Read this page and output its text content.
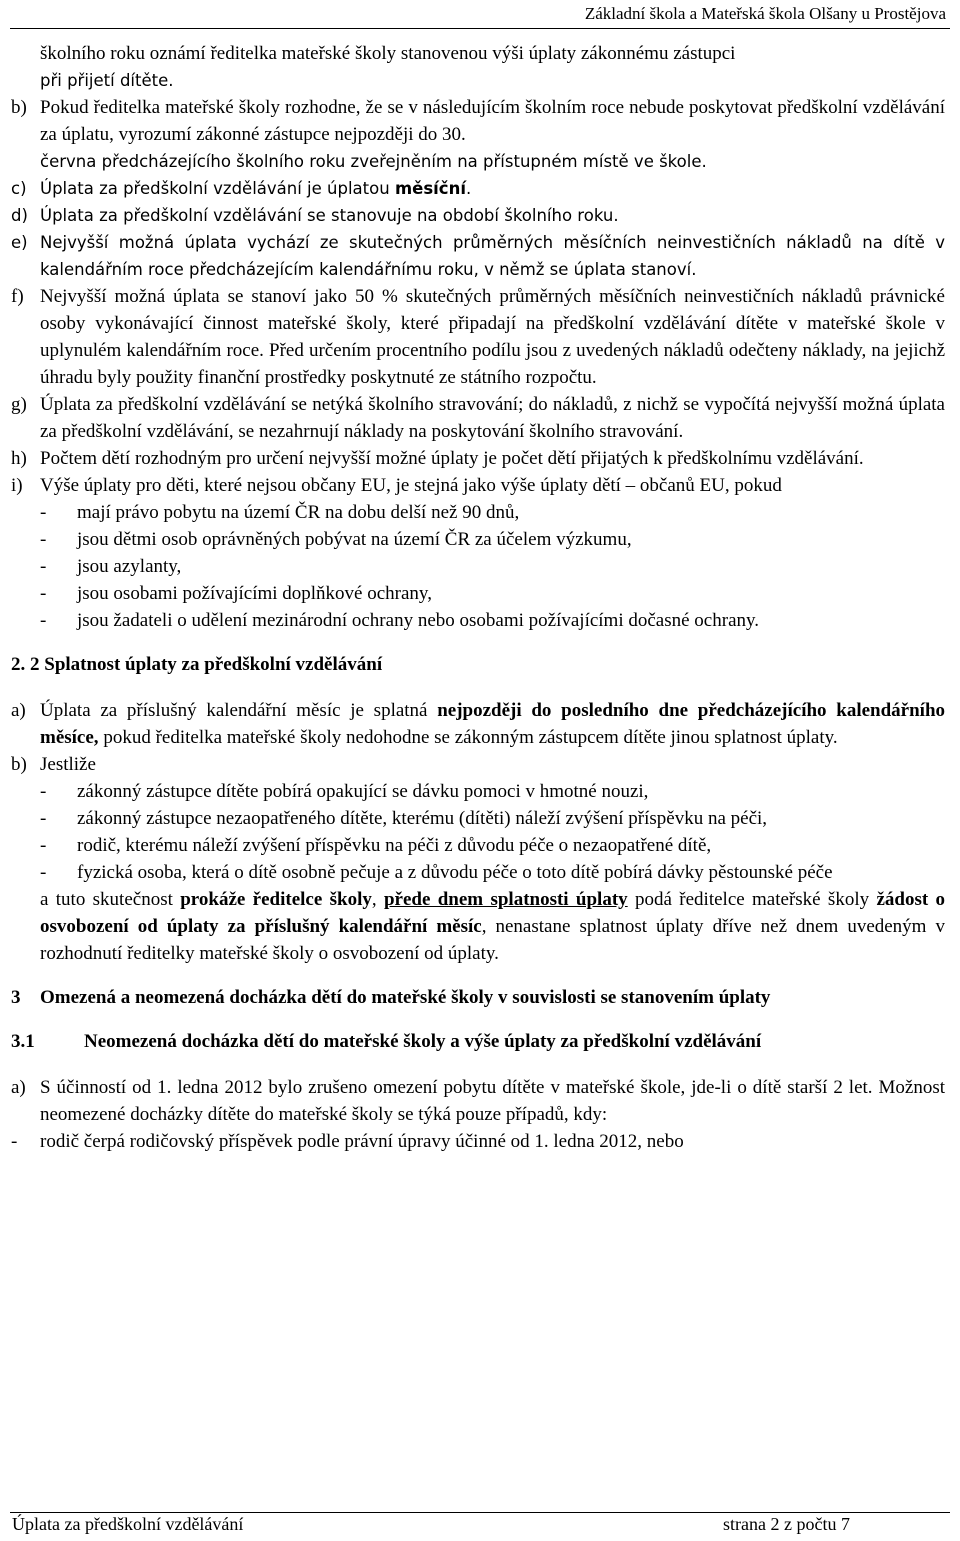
Základní škola a Mateřská škola Olšany u Prostějova
školního roku oznámí ředitelka mateřské školy stanovenou výši úplaty zákonnému zástupci
při přijetí dítěte.
b) Pokud ředitelka mateřské školy rozhodne, že se v následujícím školním roce nebude poskytovat předškolní vzdělávání za úplatu, vyrozumí zákonné zástupce nejpozději do 30.
června předcházejícího školního roku zveřejněním na přístupném místě ve škole.
c) Úplata za předškolní vzdělávání je úplatou měsíční.
d) Úplata za předškolní vzdělávání se stanovuje na období školního roku.
e) Nejvyšší možná úplata vychází ze skutečných průměrných měsíčních neinvestičních nákladů na dítě v kalendářním roce předcházejícím kalendářnímu roku, v němž se úplata stanoví.
f) Nejvyšší možná úplata se stanoví jako 50 % skutečných průměrných měsíčních neinvestičních nákladů právnické osoby vykonávající činnost mateřské školy, které připadají na předškolní vzdělávání dítěte v mateřské škole v uplynulém kalendářním roce. Před určením procentního podílu jsou z uvedených nákladů odečteny náklady, na jejichž úhradu byly použity finanční prostředky poskytnuté ze státního rozpočtu.
g) Úplata za předškolní vzdělávání se netýká školního stravování; do nákladů, z nichž se vypočítá nejvyšší možná úplata za předškolní vzdělávání, se nezahrnují náklady na poskytování školního stravování.
h) Počtem dětí rozhodným pro určení nejvyšší možné úplaty je počet dětí přijatých k předškolnímu vzdělávání.
i) Výše úplaty pro děti, které nejsou občany EU, je stejná jako výše úplaty dětí – občanů EU, pokud
- mají právo pobytu na území ČR na dobu delší než 90 dnů,
- jsou dětmi osob oprávněných pobývat na území ČR za účelem výzkumu,
- jsou azylanty,
- jsou osobami požívajícími doplňkové ochrany,
- jsou žadateli o udělení mezinárodní ochrany nebo osobami požívajícími dočasné ochrany.
2. 2 Splatnost úplaty za předškolní vzdělávání
a) Úplata za příslušný kalendářní měsíc je splatná nejpozději do posledního dne předcházejícího kalendářního měsíce, pokud ředitelka mateřské školy nedohodne se zákonným zástupcem dítěte jinou splatnost úplaty.
b) Jestliže
- zákonný zástupce dítěte pobírá opakující se dávku pomoci v hmotné nouzi,
- zákonný zástupce nezaopatřeného dítěte, kterému (dítěti) náleží zvýšení příspěvku na péči,
- rodič, kterému náleží zvýšení příspěvku na péči z důvodu péče o nezaopatřené dítě,
- fyzická osoba, která o dítě osobně pečuje a z důvodu péče o toto dítě pobírá dávky pěstounské péče
a tuto skutečnost prokáže ředitelce školy, přede dnem splatnosti úplaty podá ředitelce mateřské školy žádost o osvobození od úplaty za příslušný kalendářní měsíc, nenastane splatnost úplaty dříve než dnem uvedeným v rozhodnutí ředitelky mateřské školy o osvobození od úplaty.
3 Omezená a neomezená docházka dětí do mateřské školy v souvislosti se stanovením úplaty
3.1	Neomezená docházka dětí do mateřské školy a výše úplaty za předškolní vzdělávání
a) S účinností od 1. ledna 2012 bylo zrušeno omezení pobytu dítěte v mateřské škole, jde-li o dítě starší 2 let. Možnost neomezené docházky dítěte do mateřské školy se týká pouze případů, kdy:
- rodič čerpá rodičovský příspěvek podle právní úpravy účinné od 1. ledna 2012, nebo
Úplata za předškolní vzdělávání	strana 2 z počtu 7
